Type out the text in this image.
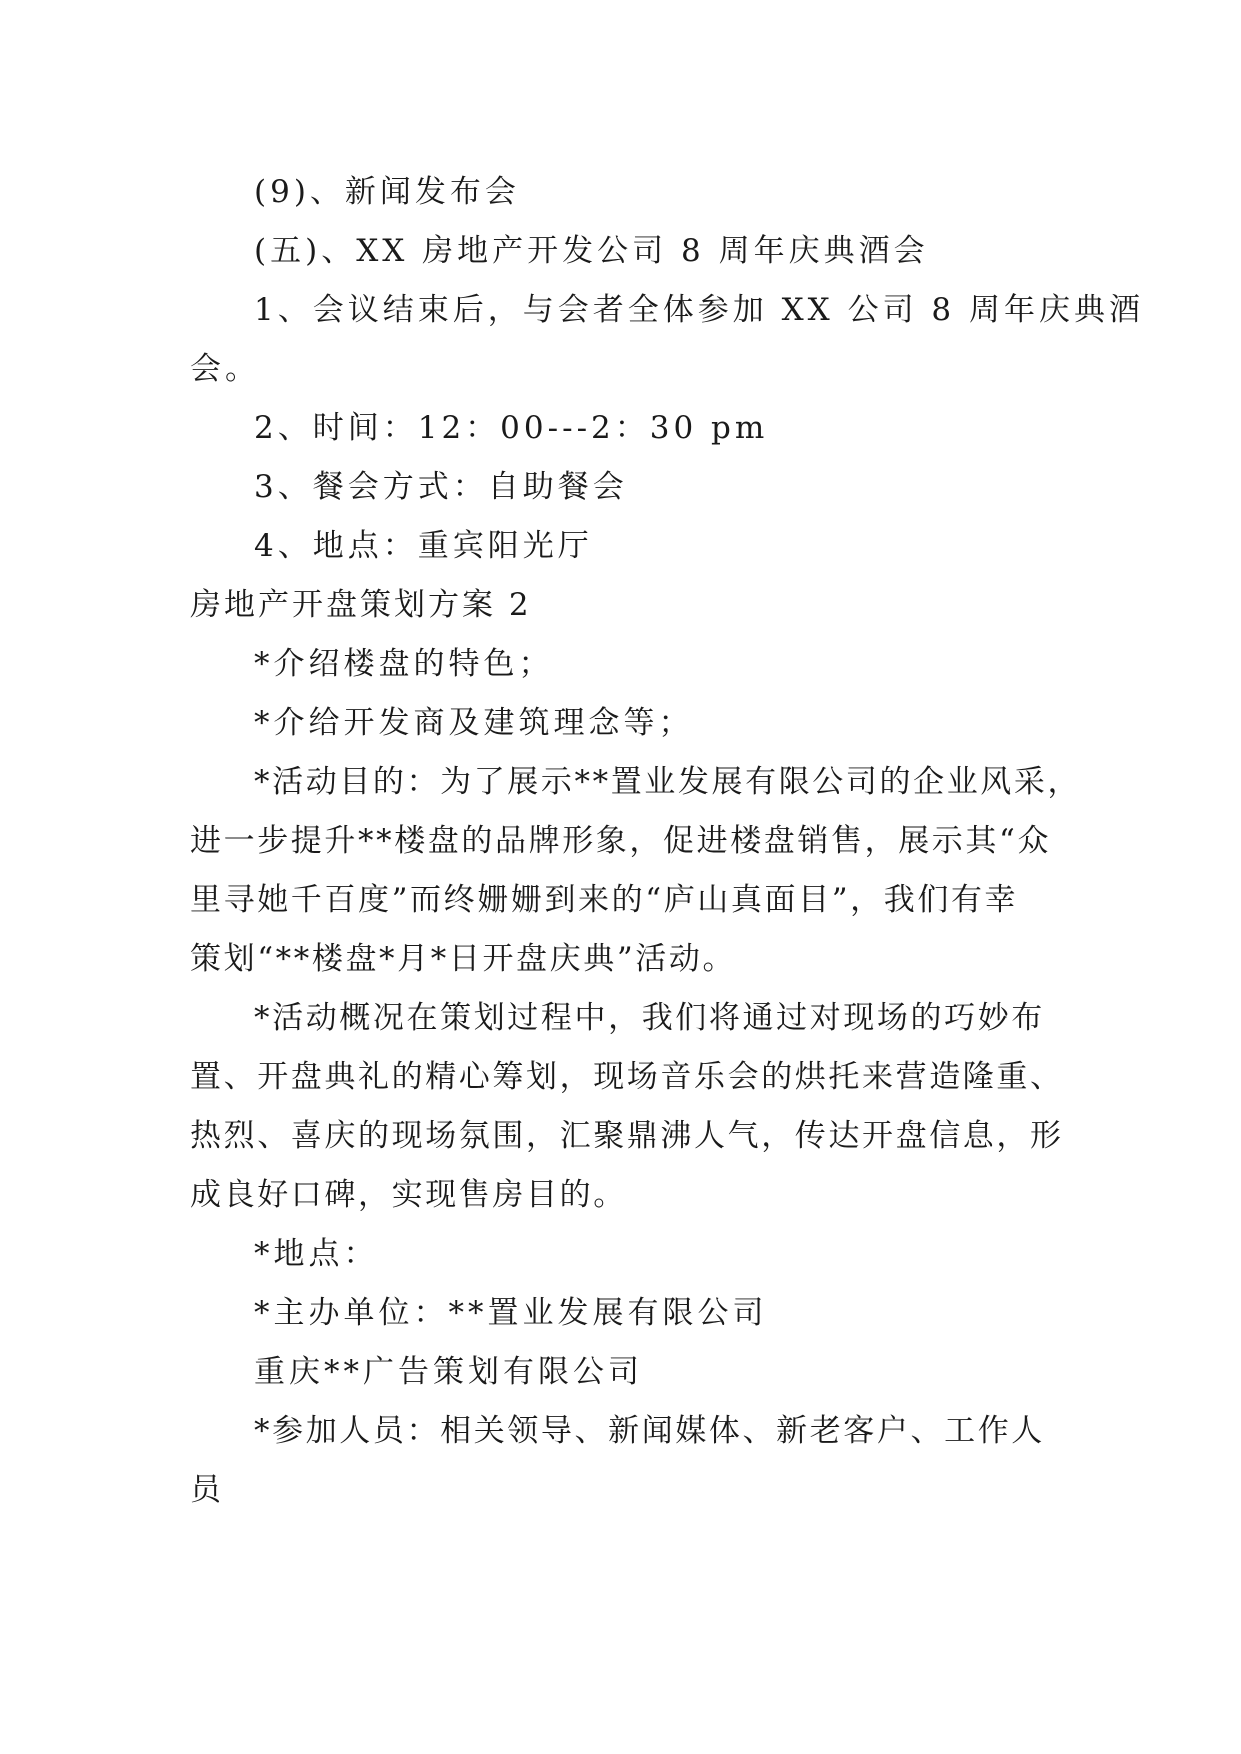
(9)、新闻发布会
(五)、XX 房地产开发公司 8 周年庆典酒会
1、会议结束后，与会者全体参加 XX 公司 8 周年庆典酒
会。
2、时间：12：00---2：30 pm
3、餐会方式：自助餐会
4、地点：重宾阳光厅
房地产开盘策划方案 2
*介绍楼盘的特色；
*介给开发商及建筑理念等；
*活动目的：为了展示**置业发展有限公司的企业风采，
进一步提升**楼盘的品牌形象，促进楼盘销售，展示其“众
里寻她千百度”而终姗姗到来的“庐山真面目”，我们有幸
策划“**楼盘*月*日开盘庆典”活动。
*活动概况在策划过程中，我们将通过对现场的巧妙布
置、开盘典礼的精心筹划，现场音乐会的烘托来营造隆重、
热烈、喜庆的现场氛围，汇聚鼎沸人气，传达开盘信息，形
成良好口碑，实现售房目的。
*地点：
*主办单位：**置业发展有限公司
重庆**广告策划有限公司
*参加人员：相关领导、新闻媒体、新老客户、工作人
员
